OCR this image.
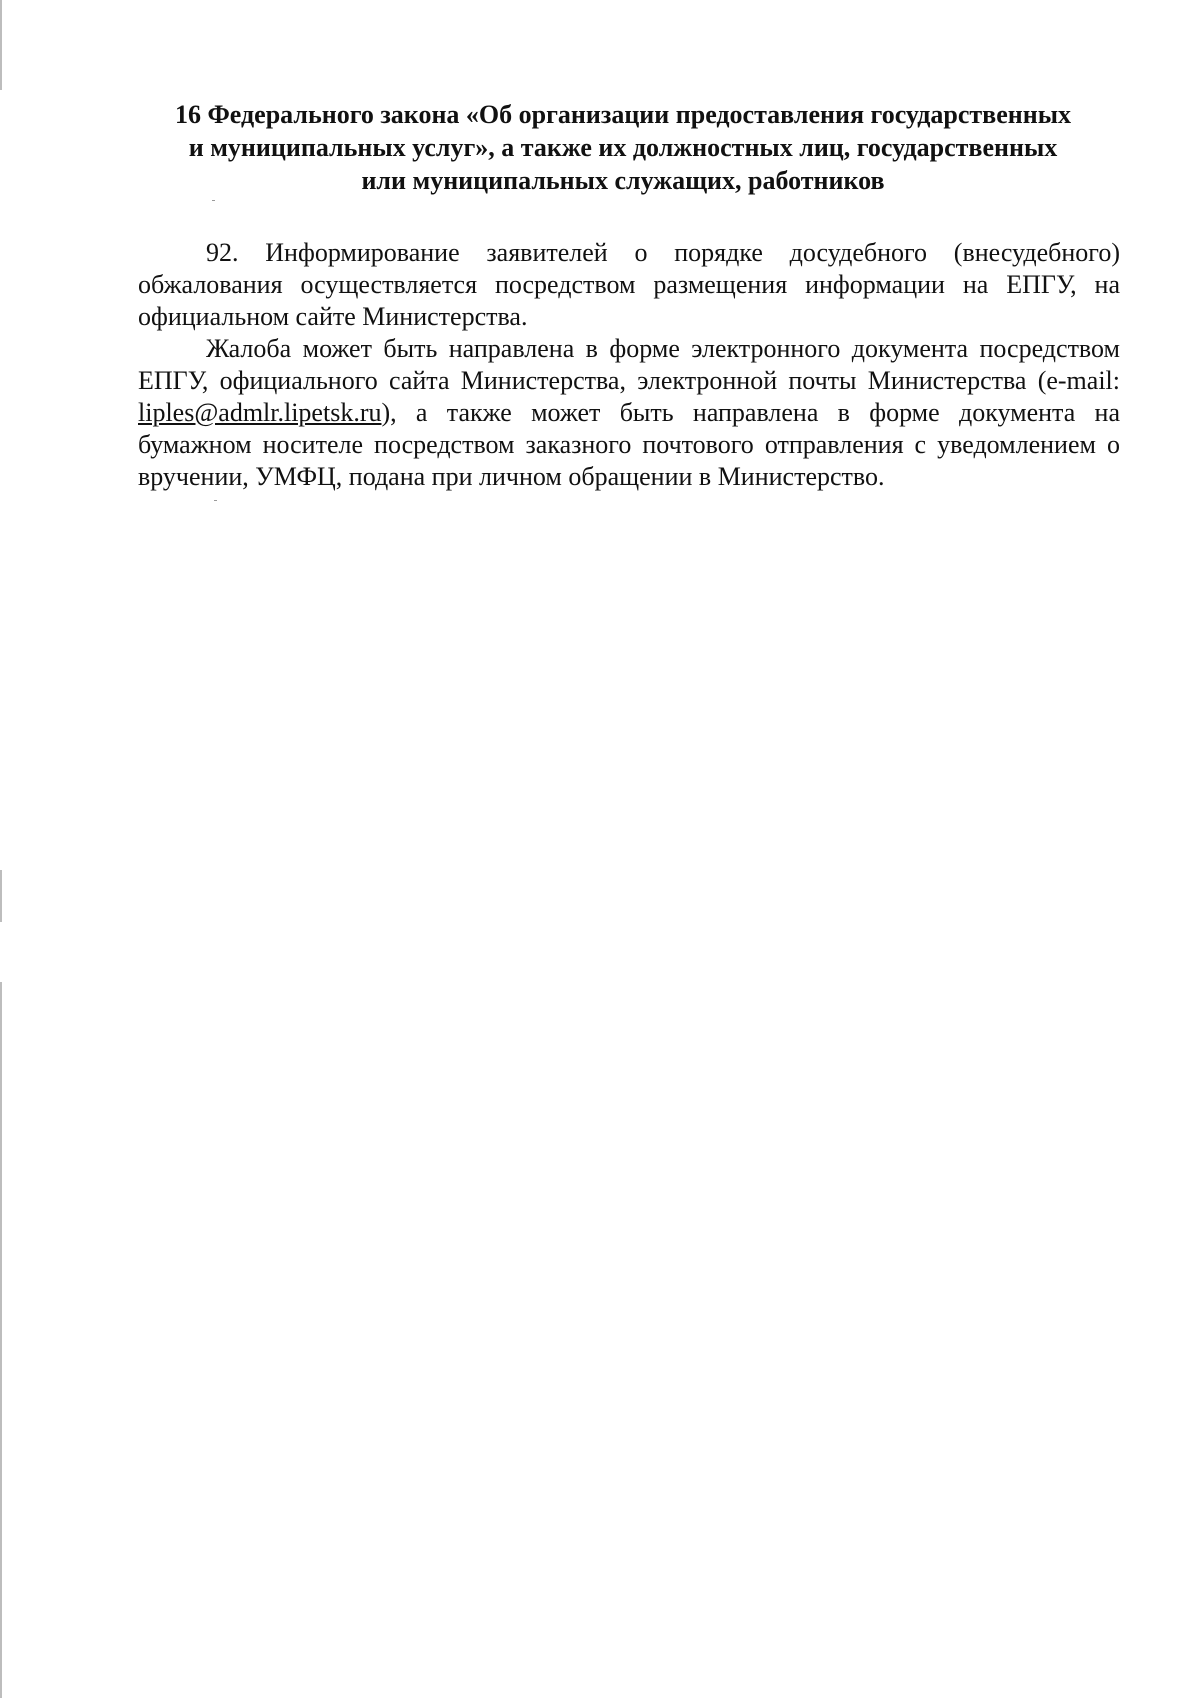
16 Федерального закона «Об организации предоставления государственных
и муниципальных услуг», а также их должностных лиц, государственных
или муниципальных служащих, работников

92. Информирование заявителей о порядке досудебного (внесудебного) обжалования осуществляется посредством размещения информации на ЕПГУ, на официальном сайте Министерства.

Жалоба может быть направлена в форме электронного документа посредством ЕПГУ, официального сайта Министерства, электронной почты Министерства (e-mail: liples@admlr.lipetsk.ru), а также может быть направлена в форме документа на бумажном носителе посредством заказного почтового отправления с уведомлением о вручении, УМФЦ, подана при личном обращении в Министерство.
